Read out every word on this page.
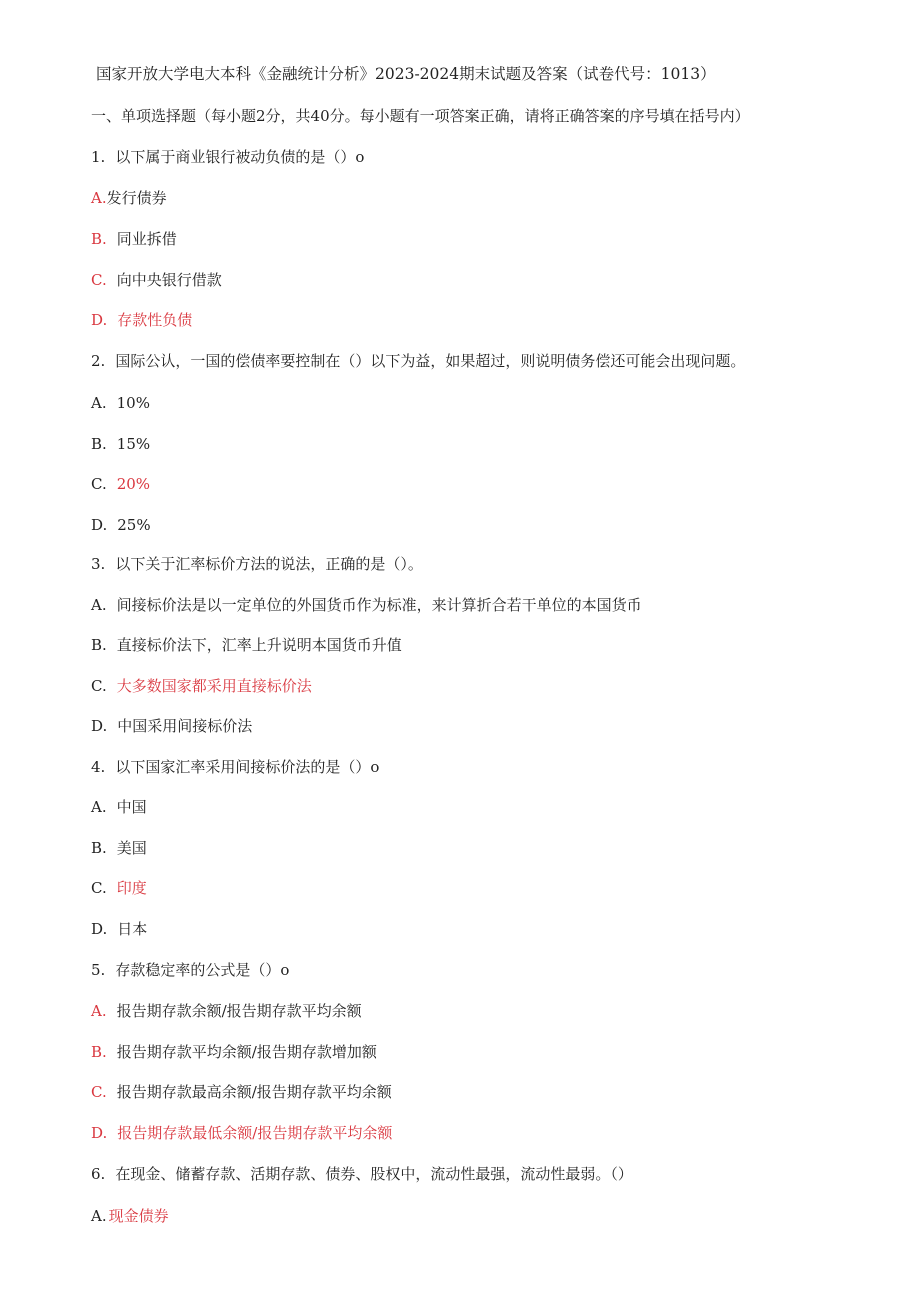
国家开放大学电大本科《金融统计分析》2023-2024期末试题及答案（试卷代号：1013）
一、单项选择题（每小题2分，共40分。每小题有一项答案正确，请将正确答案的序号填在括号内）
1. 以下属于商业银行被动负债的是（）o
A.发行债券
B. 同业拆借
C. 向中央银行借款
D. 存款性负债
2. 国际公认，一国的偿债率要控制在（）以下为益，如果超过，则说明债务偿还可能会出现问题。
A. 10%
B. 15%
C. 20%
D. 25%
3. 以下关于汇率标价方法的说法，正确的是（）。
A. 间接标价法是以一定单位的外国货币作为标准，来计算折合若干单位的本国货币
B. 直接标价法下，汇率上升说明本国货币升值
C. 大多数国家都采用直接标价法
D. 中国采用间接标价法
4. 以下国家汇率采用间接标价法的是（）o
A. 中国
B. 美国
C. 印度
D. 日本
5. 存款稳定率的公式是（）o
A. 报告期存款余额/报告期存款平均余额
B. 报告期存款平均余额/报告期存款增加额
C. 报告期存款最高余额/报告期存款平均余额
D. 报告期存款最低余额/报告期存款平均余额
6. 在现金、储蓄存款、活期存款、债券、股权中，流动性最强，流动性最弱。（）
A. 现金债券
